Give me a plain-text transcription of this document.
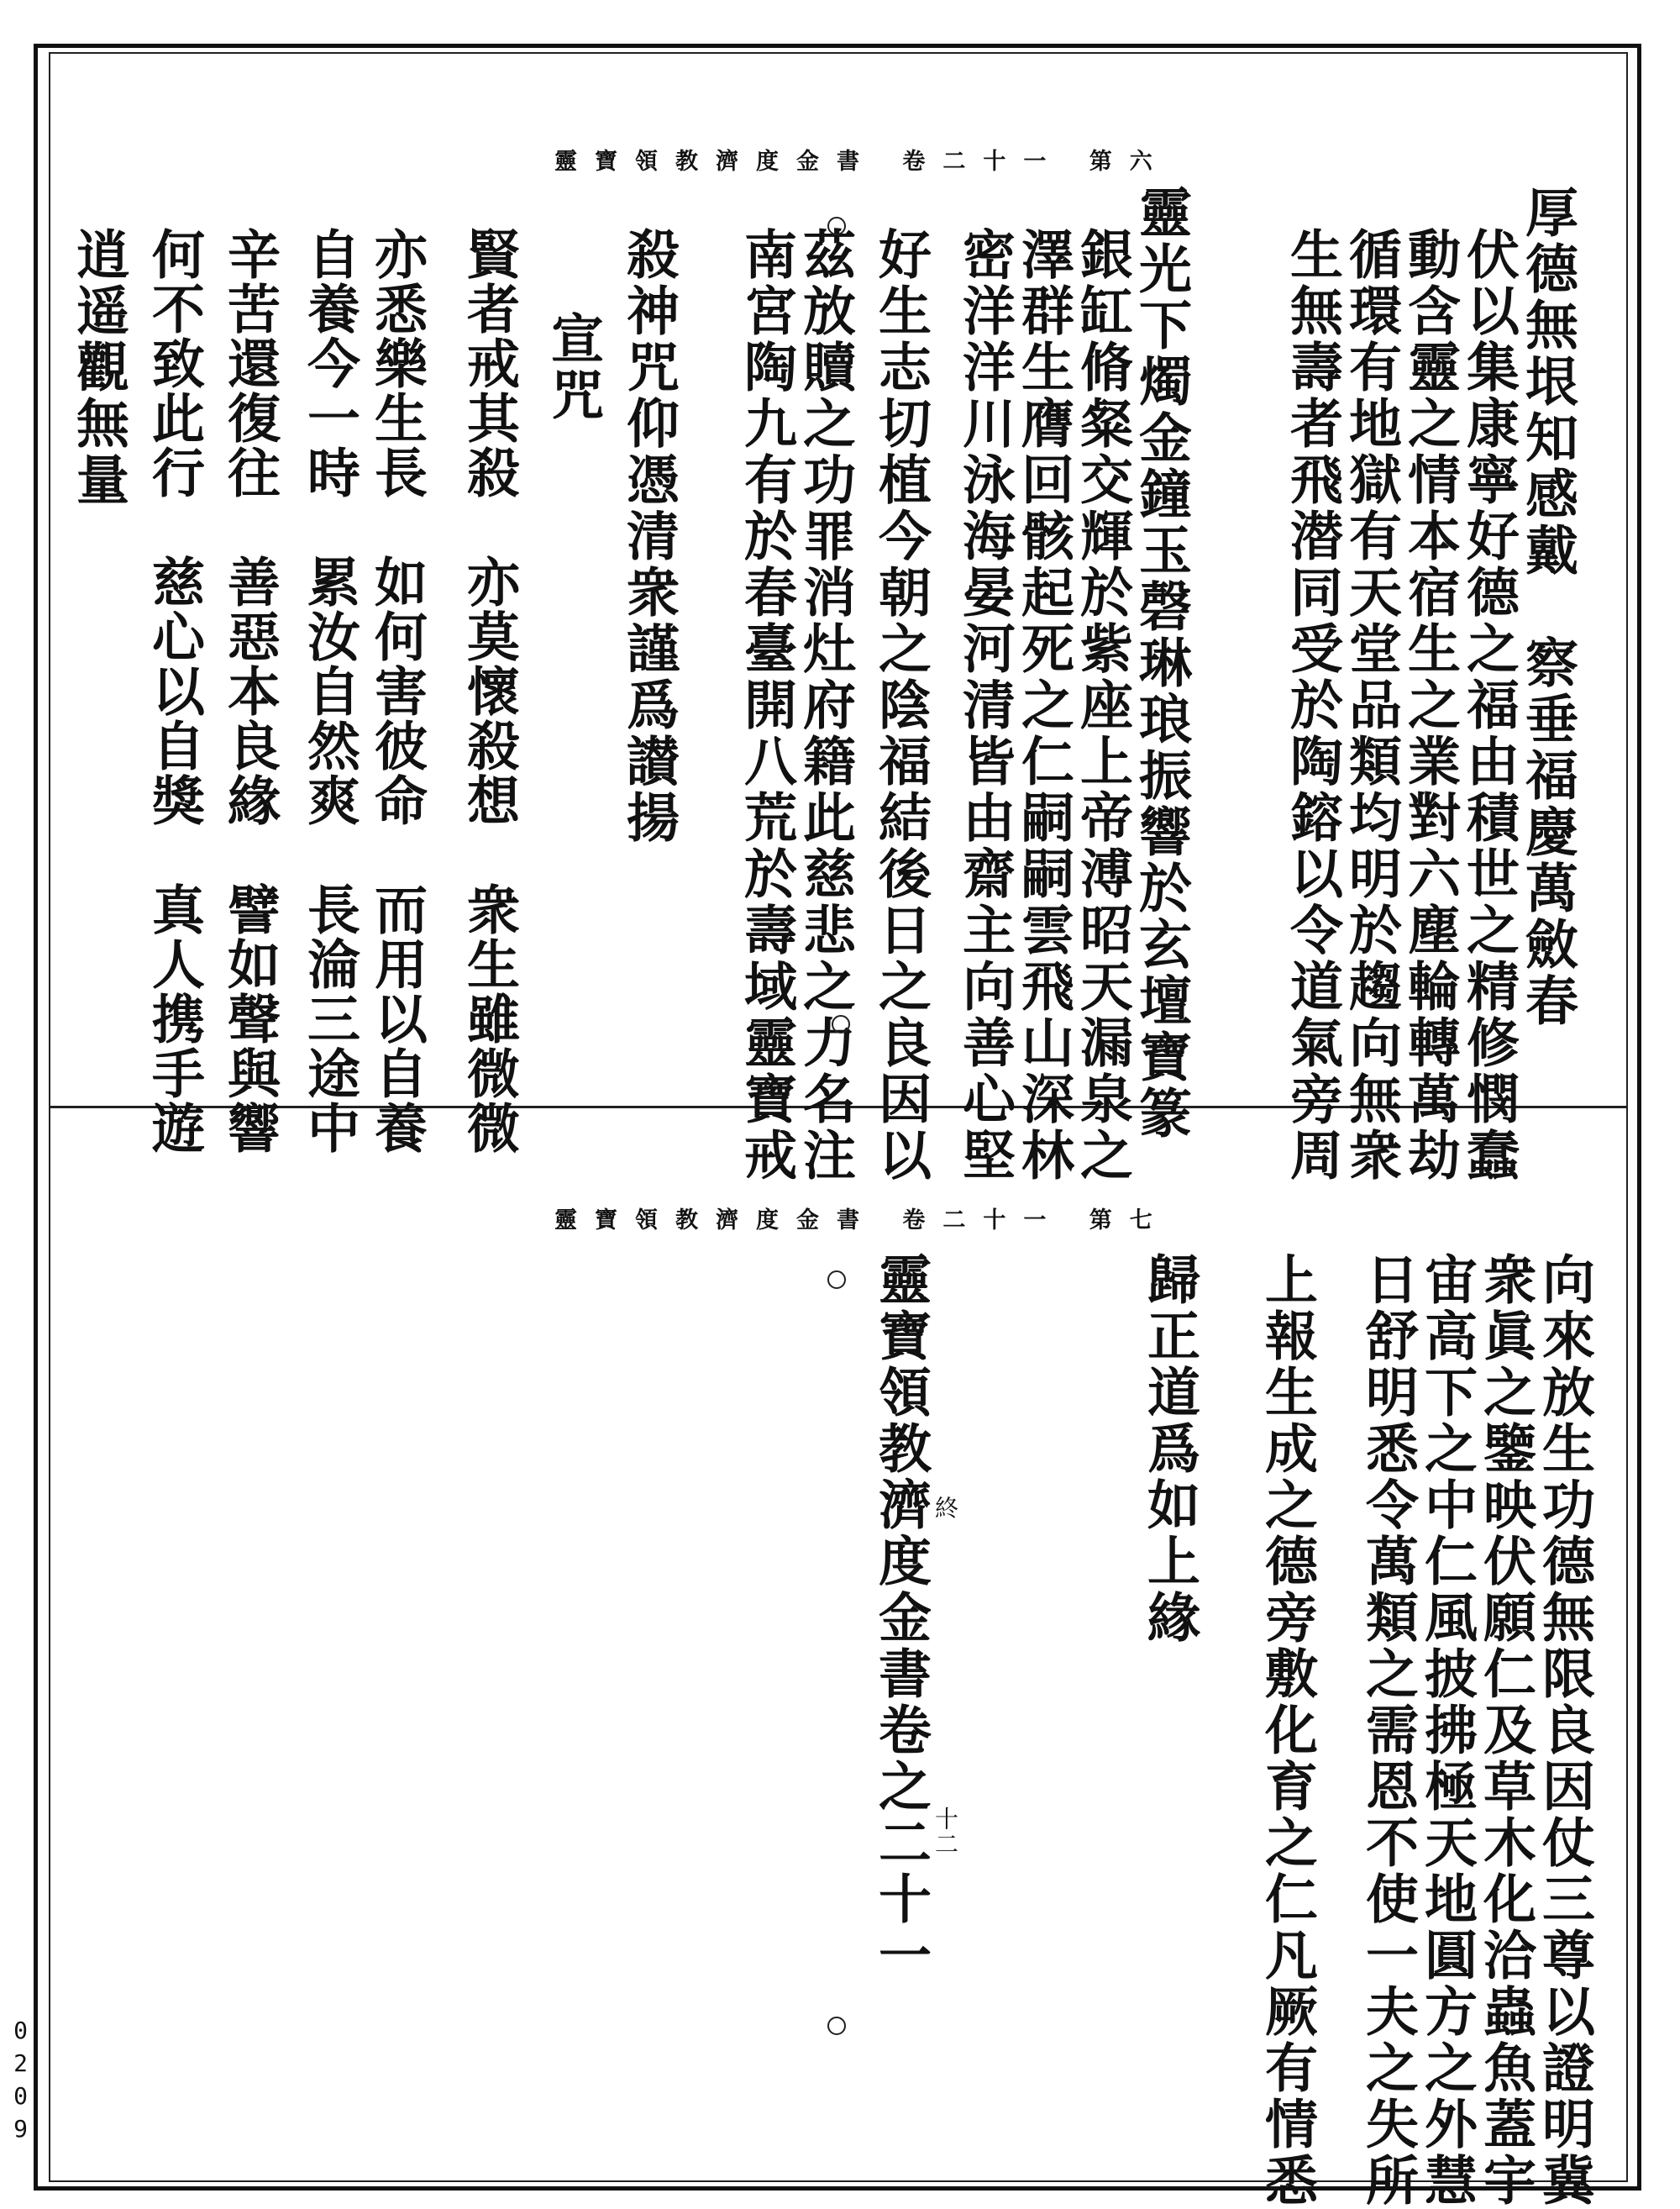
靈寶領教濟度金書 卷二十一 第六
厚德無垠知感戴　察垂福慶萬斂春
伏以集康寧好德之福由積世之精修憫蠢
動含靈之情本宿生之業對六塵輪轉萬劫
循環有地獄有天堂品類均明於趨向無衆
生無壽者飛潜同受於陶鎔以令道氣旁周
靈光下燭金鐘玉磬琳琅振響於玄壇寶篆
銀缸脩粲交輝於紫座上帝溥昭天漏泉之
澤群生膺回骸起死之仁嗣嗣雲飛山深林
密洋洋川泳海晏河清皆由齋主向善心堅
好生志切植今朝之陰福結後日之良因以
茲放贖之功罪消灶府籍此慈悲之力名注
南宮陶九有於春臺開八荒於壽域靈寶戒
殺神咒仰憑清衆謹爲讃揚
宣咒
賢者戒其殺　亦莫懷殺想　衆生雖微微
亦悉樂生長　如何害彼命　而用以自養
自養今一時　累汝自然爽　長淪三途中
辛苦還復往　善惡本良緣　譬如聲與響
何不致此行　慈心以自獎　真人携手遊
逍遥觀無量
靈寶領教濟度金書 卷二十一 第七
向來放生功德無限良因仗三尊以證明冀
衆眞之鑒映伏願仁及草木化洽蟲魚蓋宇
宙高下之中仁風披拂極天地圓方之外慧
日舒明悉令萬類之需恩不使一夫之失所
上報生成之德旁敷化育之仁凡厥有情悉
歸正道爲如上緣
靈寶領教濟度金書卷之二十一 終
十二
0209
